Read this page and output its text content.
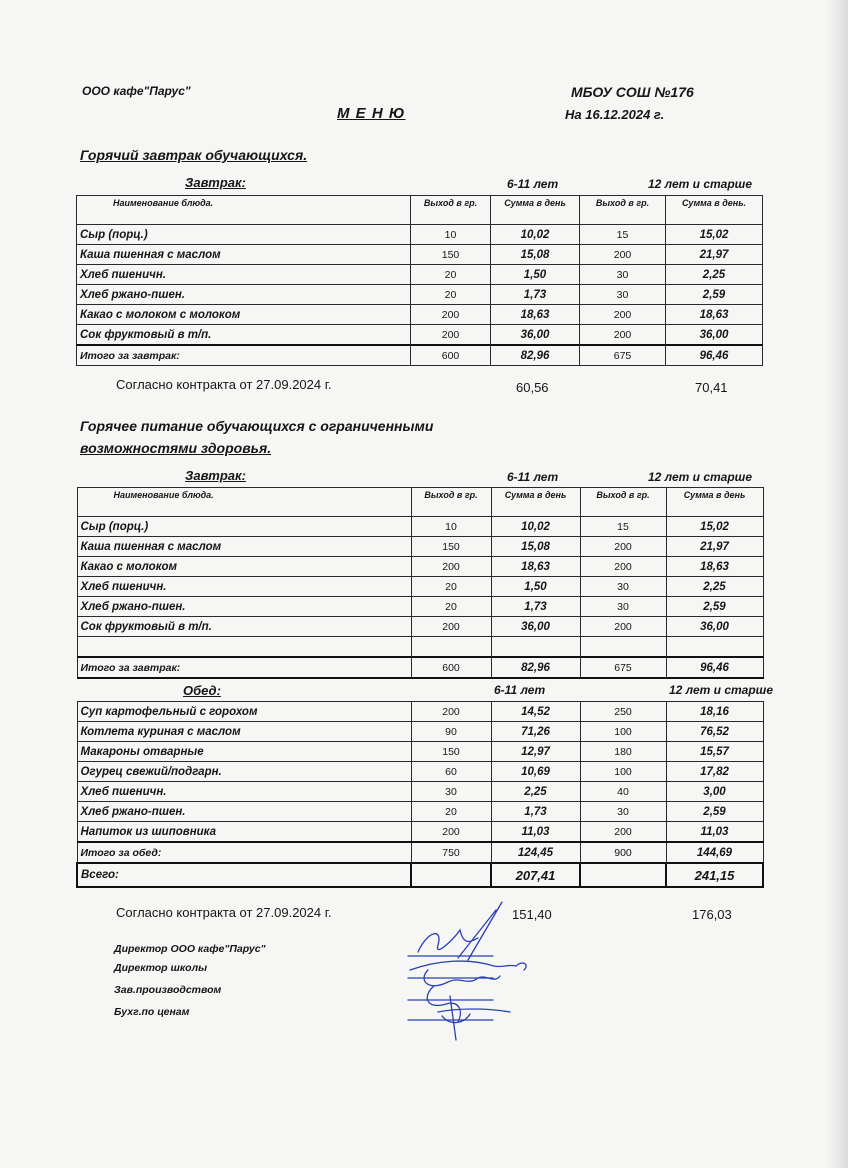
ООО кафе"Парус"	МБОУ СОШ №176
М Е Н Ю	На 16.12.2024 г.
Горячий завтрак обучающихся.
Завтрак:	6-11 лет	12 лет и старше
Наименование блюда.	Выход в гр.	Сумма в день	Выход в гр.	Сумма в день.
Сыр (порц.)	10	10,02	15	15,02
Каша пшенная с маслом	150	15,08	200	21,97
Хлеб пшеничн.	20	1,50	30	2,25
Хлеб ржано-пшен.	20	1,73	30	2,59
Какао с молоком с молоком	200	18,63	200	18,63
Сок фруктовый в т/п.	200	36,00	200	36,00
Итого за завтрак:	600	82,96	675	96,46
Согласно контракта от 27.09.2024 г.	60,56	70,41
Горячее питание обучающихся с ограниченными
возможностями здоровья.
Завтрак:	6-11 лет	12 лет и старше
Наименование блюда.	Выход в гр.	Сумма в день	Выход в гр.	Сумма в день
Сыр (порц.)	10	10,02	15	15,02
Каша пшенная с маслом	150	15,08	200	21,97
Какао с молоком	200	18,63	200	18,63
Хлеб пшеничн.	20	1,50	30	2,25
Хлеб ржано-пшен.	20	1,73	30	2,59
Сок фруктовый в т/п.	200	36,00	200	36,00

Итого за завтрак:	600	82,96	675	96,46
Обед:		6-11 лет		12 лет и старше
Суп картофельный с горохом	200	14,52	250	18,16
Котлета куриная с маслом	90	71,26	100	76,52
Макароны отварные	150	12,97	180	15,57
Огурец свежий/подгарн.	60	10,69	100	17,82
Хлеб пшеничн.	30	2,25	40	3,00
Хлеб ржано-пшен.	20	1,73	30	2,59
Напиток из шиповника	200	11,03	200	11,03
Итого за обед:	750	124,45	900	144,69
Всего:		207,41		241,15
Согласно контракта от 27.09.2024 г.	151,40	176,03
Директор ООО кафе"Парус"
Директор школы
Зав.производством
Бухг.по ценам
